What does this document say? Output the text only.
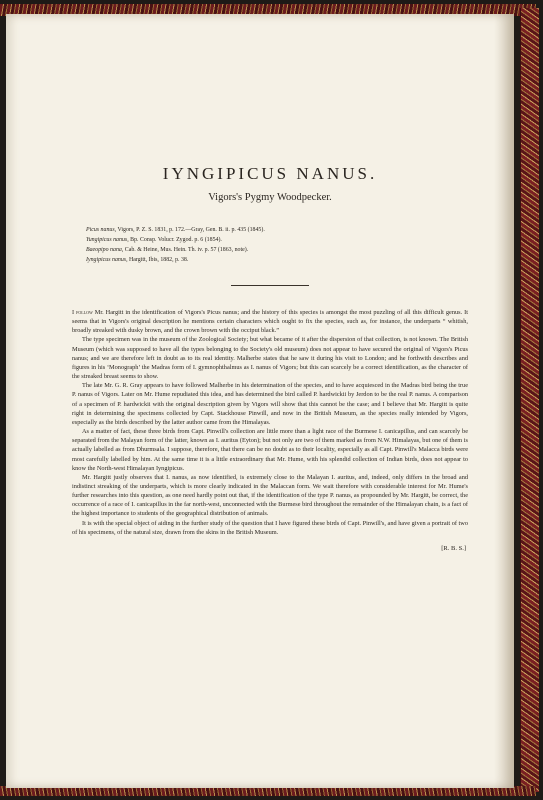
IYNGIPICUS NANUS.
Vigors's Pygmy Woodpecker.
Picus nanus, Vigors, P. Z. S. 1831, p. 172.—Gray, Gen. B. ii. p. 435 (1845).
Yungipicus nanus, Bp. Consp. Volucr. Zygod. p. 6 (1854).
Baeopipo nana, Cab. & Heine, Mus. Hein. Th. iv. p. 57 (1863, note).
Iyngipicus nanus, Hargitt, Ibis, 1882, p. 38.

I follow Mr. Hargitt in the identification of Vigors's Picus nanus; and the history of this species is amongst the most puzzling of all this difficult genus. It seems that in Vigors's original description he mentions certain characters which ought to fix the species, such as, for instance, the underparts “ whitish, broadly streaked with dusky brown, and the crown brown with the occiput black.”

The type specimen was in the museum of the Zoological Society; but what became of it after the dispersion of that collection, is not known. The British Museum (which was supposed to have all the types belonging to the Society's old museum) does not appear to have secured the original of Vigors's Picus nanus; and we are therefore left in doubt as to its real identity. Malherbe states that he saw it during his visit to London; and he forthwith describes and figures in his ‘Monograph’ the Madras form of I. gymnophthalmus as I. nanus of Vigors; but this can scarcely be a correct identification, as the character of the streaked breast seems to show.

The late Mr. G. R. Gray appears to have followed Malherbe in his determination of the species, and to have acquiesced in the Madras bird being the true P. nanus of Vigors. Later on Mr. Hume repudiated this idea, and has determined the bird called P. hardwickii by Jerdon to be the real P. nanus. A comparison of a specimen of P. hardwickii with the original description given by Vigors will show that this cannot be the case; and I believe that Mr. Hargitt is quite right in determining the specimens collected by Capt. Stackhouse Pinwill, and now in the British Museum, as the species really intended by Vigors, especially as the birds described by the latter author came from the Himalayas.

As a matter of fact, these three birds from Capt. Pinwill's collection are little more than a light race of the Burmese I. canicapillus, and can scarcely be separated from the Malayan form of the latter, known as I. auritus (Eyton); but not only are two of them marked as from N.W. Himalayas, but one of them is actually labelled as from Dhurmsala. I suppose, therefore, that there can be no doubt as to their locality, especially as all Capt. Pinwill's Malacca birds were most carefully labelled by him. At the same time it is a little extraordinary that Mr. Hume, with his splendid collection of Indian birds, does not appear to know the North-west Himalayan Iyngipicus.

Mr. Hargitt justly observes that I. nanus, as now identified, is extremely close to the Malayan I. auritus, and, indeed, only differs in the broad and indistinct streaking of the underparts, which is more clearly indicated in the Malaccan form. We wait therefore with considerable interest for Mr. Hume's further researches into this question, as one need hardly point out that, if the identification of the type P. nanus, as propounded by Mr. Hargitt, be correct, the occurrence of a race of I. canicapillus in the far north-west, unconnected with the Burmese bird throughout the remainder of the Himalayan chain, is a fact of the highest importance to students of the geographical distribution of animals.

It is with the special object of aiding in the further study of the question that I have figured these birds of Capt. Pinwill's, and have given a portrait of two of his specimens, of the natural size, drawn from the skins in the British Museum.

[R. B. S.]
